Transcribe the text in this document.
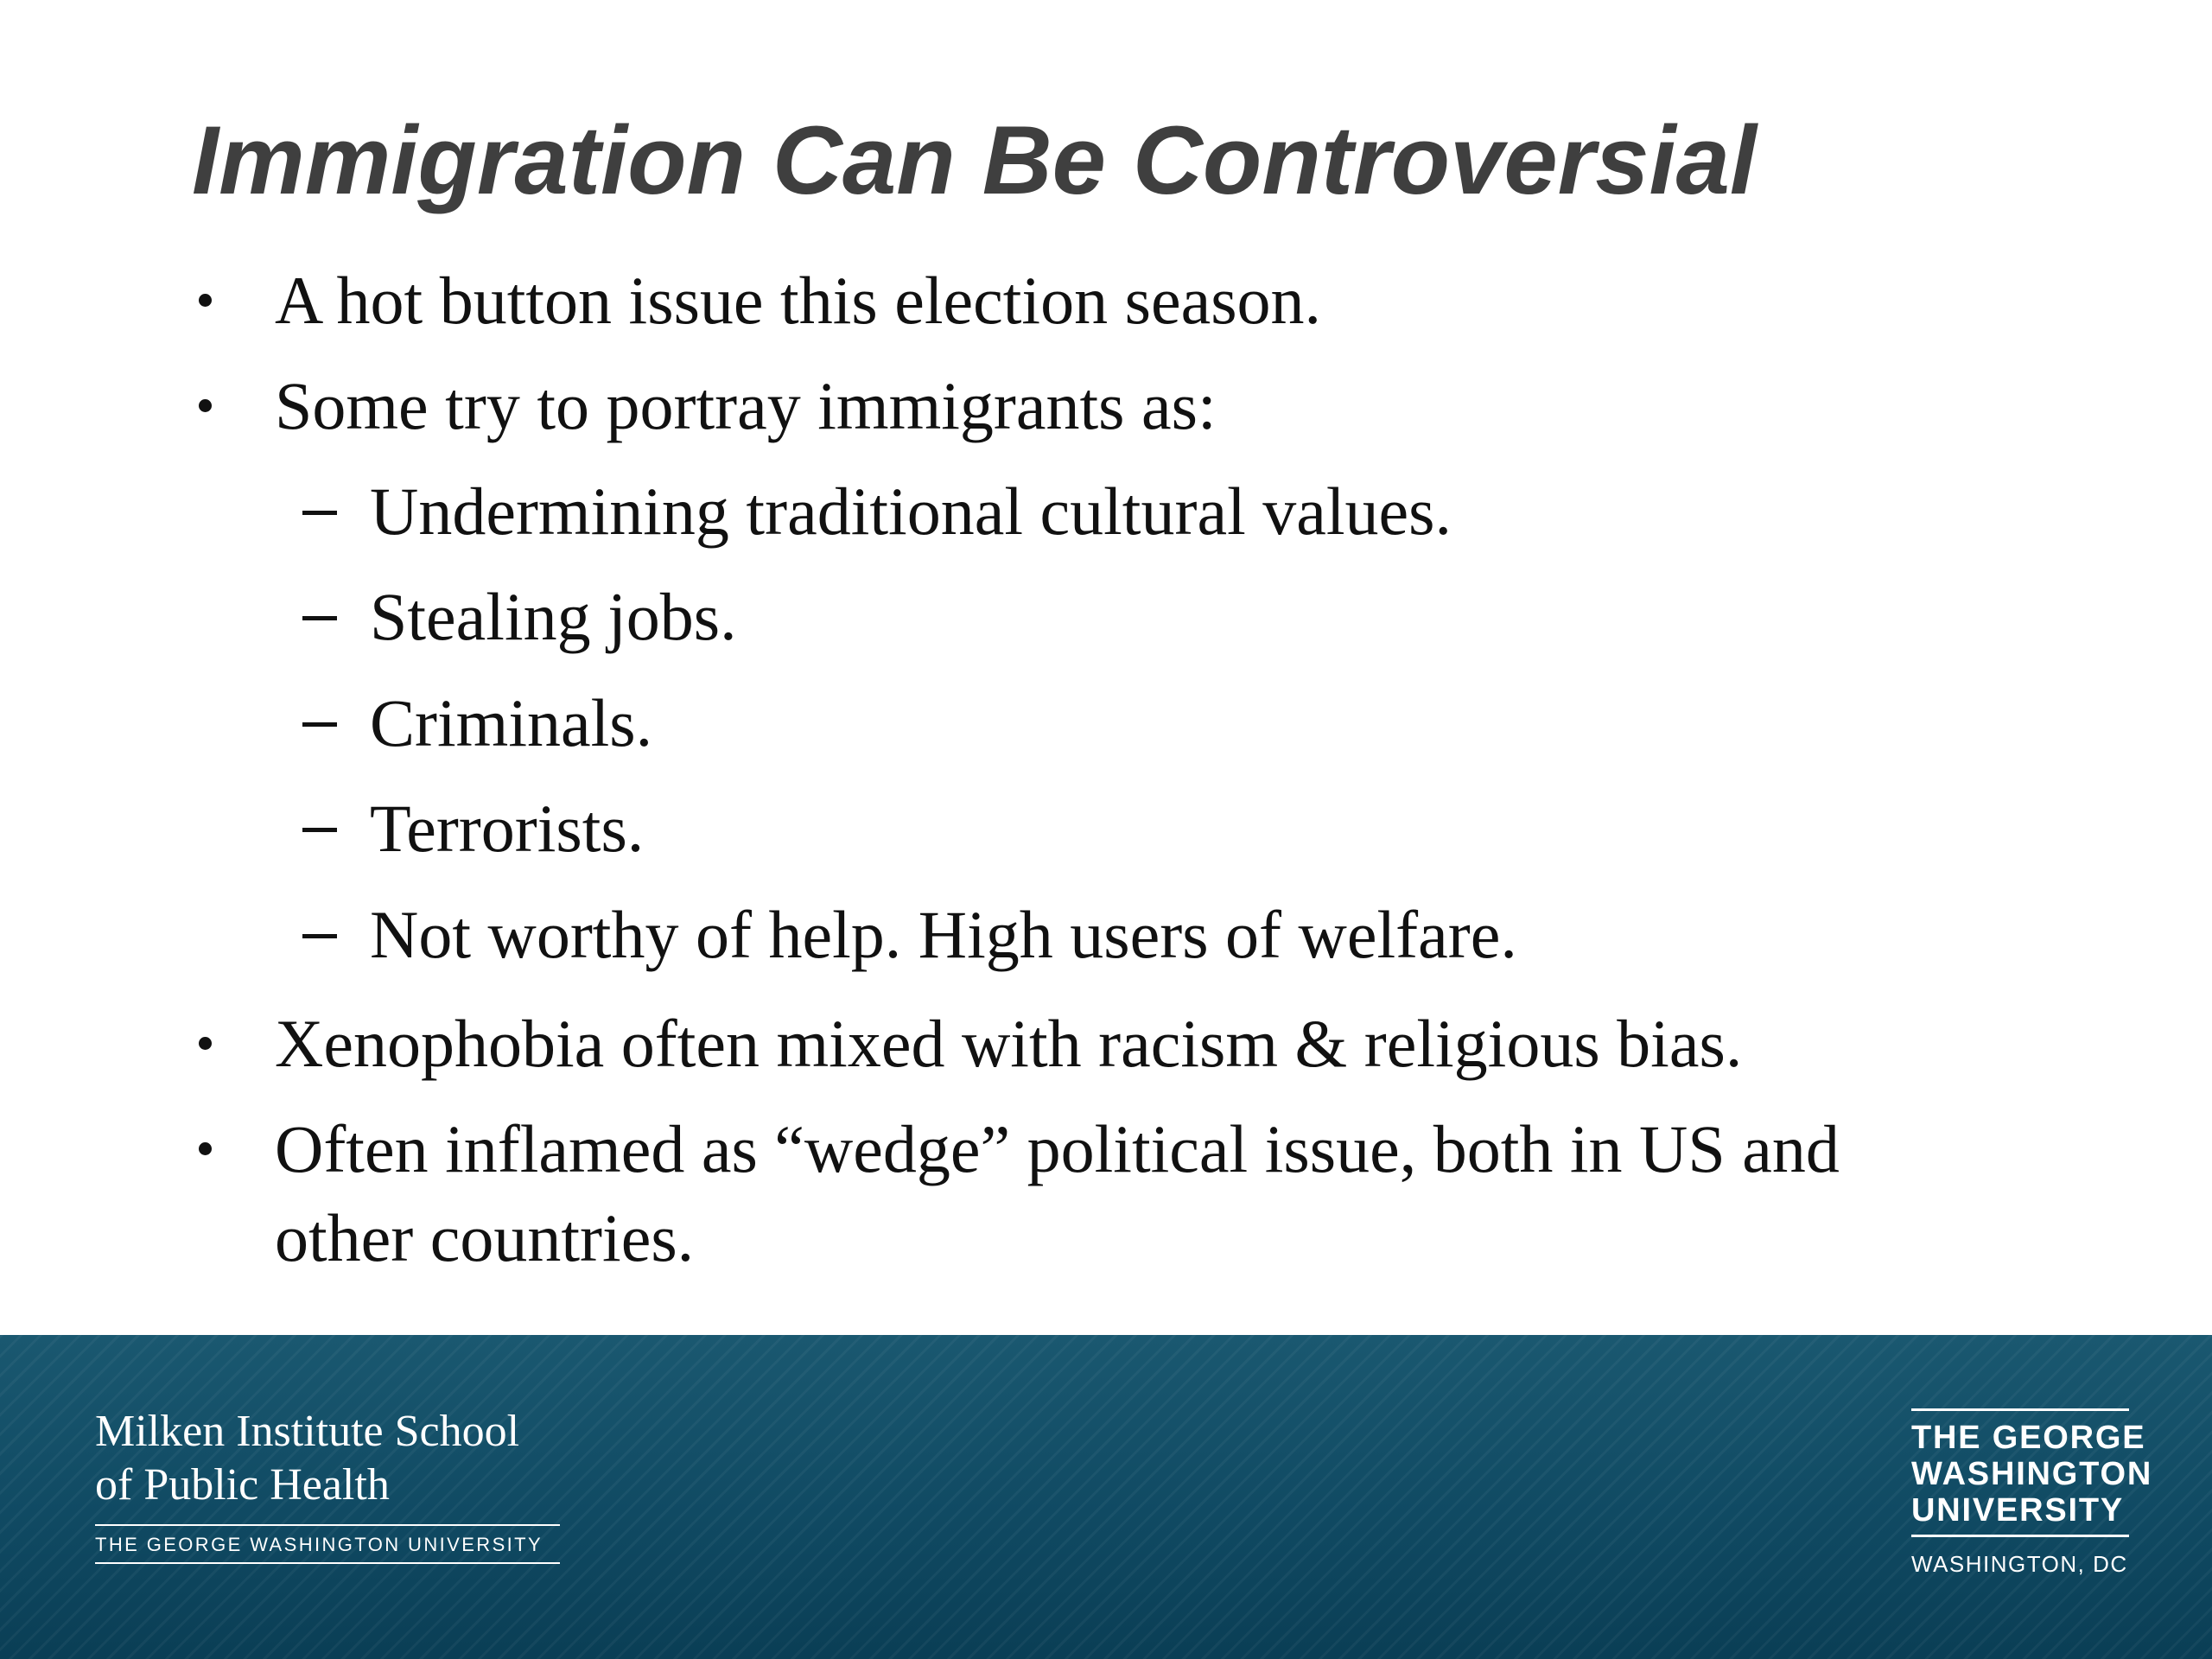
Immigration Can Be Controversial
A hot button issue this election season.
Some try to portray immigrants as:
Undermining traditional cultural values.
Stealing jobs.
Criminals.
Terrorists.
Not worthy of help. High users of welfare.
Xenophobia often mixed with racism & religious bias.
Often inflamed as “wedge” political issue, both in US and
other countries.
Milken Institute School
of Public Health
THE GEORGE WASHINGTON UNIVERSITY
THE GEORGE
WASHINGTON
UNIVERSITY
WASHINGTON, DC
